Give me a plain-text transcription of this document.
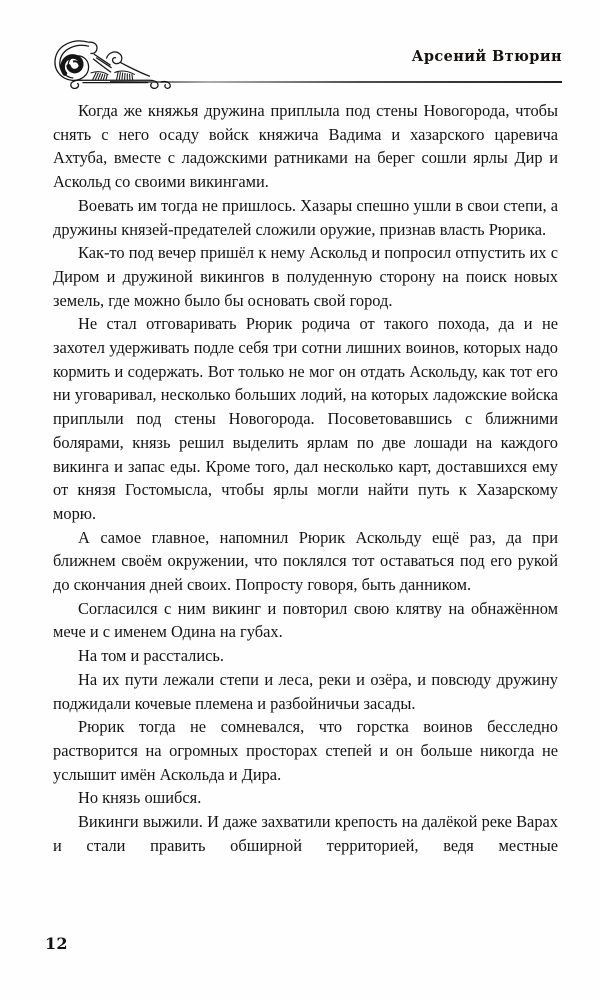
Арсений Втюрин

Когда же княжья дружина приплыла под стены Новогорода, чтобы снять с него осаду войск княжича Вадима и хазарского царевича Ахтуба, вместе с ладожскими ратниками на берег сошли ярлы Дир и Аскольд со своими викингами.

Воевать им тогда не пришлось. Хазары спешно ушли в свои степи, а дружины князей-предателей сложили оружие, признав власть Рюрика.

Как-то под вечер пришёл к нему Аскольд и попросил отпустить их с Диром и дружиной викингов в полуденную сторону на поиск новых земель, где можно было бы основать свой город.

Не стал отговаривать Рюрик родича от такого похода, да и не захотел удерживать подле себя три сотни лишних воинов, которых надо кормить и содержать. Вот только не мог он отдать Аскольду, как тот его ни уговаривал, несколько больших лодий, на которых ладожские войска приплыли под стены Новогорода. Посоветовавшись с ближними болярами, князь решил выделить ярлам по две лошади на каждого викинга и запас еды. Кроме того, дал несколько карт, доставшихся ему от князя Гостомысла, чтобы ярлы могли найти путь к Хазарскому морю.

А самое главное, напомнил Рюрик Аскольду ещё раз, да при ближнем своём окружении, что поклялся тот оставаться под его рукой до скончания дней своих. Попросту говоря, быть данником.

Согласился с ним викинг и повторил свою клятву на обнажённом мече и с именем Одина на губах.

На том и расстались.

На их пути лежали степи и леса, реки и озёра, и повсюду дружину поджидали кочевые племена и разбойничьи засады.

Рюрик тогда не сомневался, что горстка воинов бесследно растворится на огромных просторах степей и он больше никогда не услышит имён Аскольда и Дира.

Но князь ошибся.

Викинги выжили. И даже захватили крепость на далёкой реке Варах и стали править обширной территорией, ведя местные

12
